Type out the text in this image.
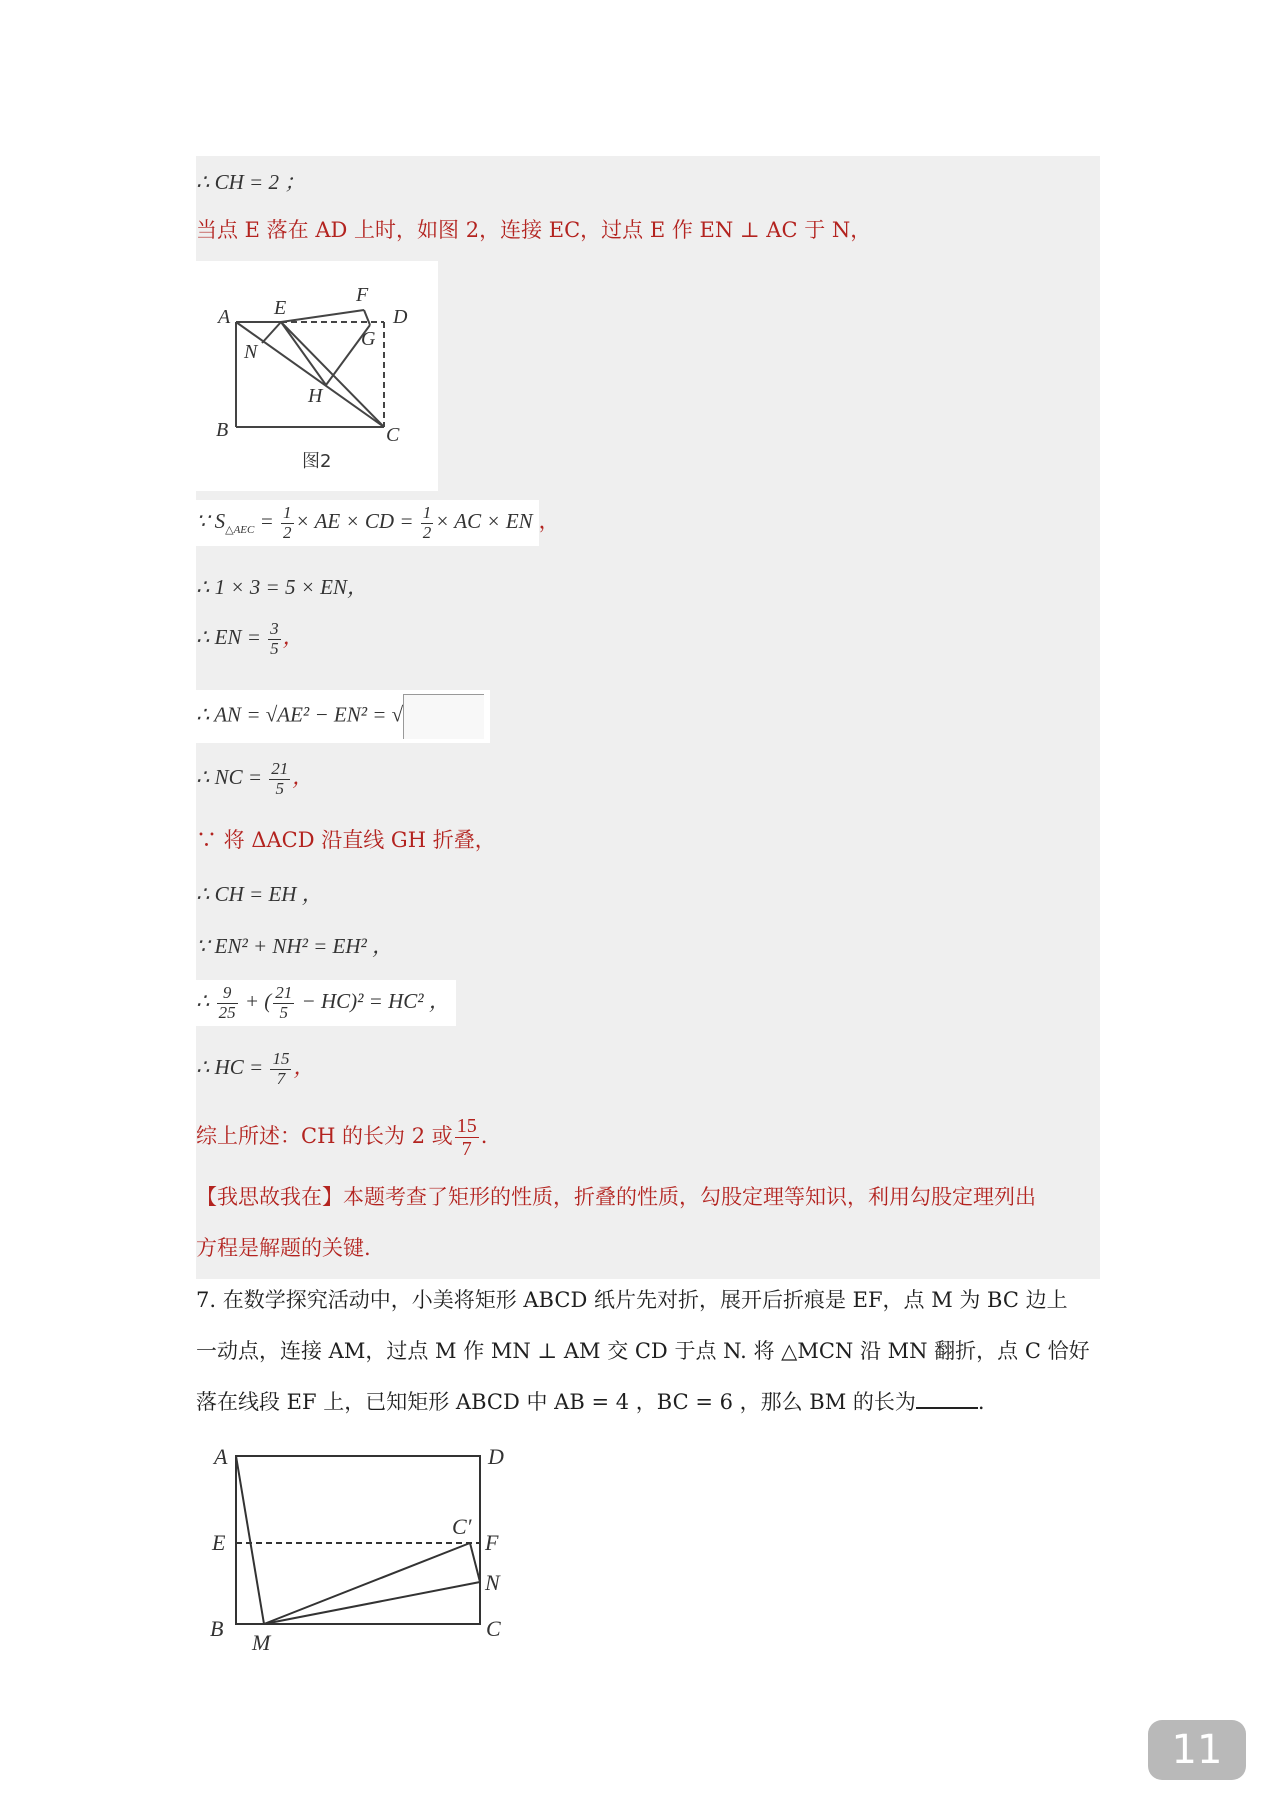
∴ CH = 2 ；
当点 E 落在 AD 上时，如图 2，连接 EC，过点 E 作 EN ⊥ AC 于 N，
A E
F
D
N
G
H
B	C
图2
∵ $S_{\triangle AEC} = \frac{1}{2}$ × AE × CD = $\frac{1}{2}$ × AC × EN ，
∴ 1 × 3 = 5 × EN，
∴ EN = $\frac{3}{5}$ ，
∴ AN = √AE² − EN² = √
∴ NC = $\frac{21}{5}$ ，
∵ 将 ΔACD 沿直线 GH 折叠，
∴ CH = EH ，
∵ EN² + NH² = EH² ，
∴ $\frac{9}{25}$ + ( $\frac{21}{5} - HC)^2 = HC^2$ ，
∴ HC = $\frac{15}{7}$ ，
综上所述：CH 的长为 2 或 $\frac{15}{7}$ .
【我思故我在】本题考查了矩形的性质，折叠的性质，勾股定理等知识，利用勾股定理列出
方程是解题的关键.
7. 在数学探究活动中，小美将矩形 ABCD 纸片先对折，展开后折痕是 EF，点 M 为 BC 边上
一动点，连接 AM，过点 M 作 MN ⊥ AM 交 CD 于点 N. 将 △MCN 沿 MN 翻折，点 C 恰好
落在线段 EF 上，已知矩形 ABCD 中 AB = 4 ，BC = 6 ，那么 BM 的长为	.
A	D
E
C′
F
N
B
M
C
11
